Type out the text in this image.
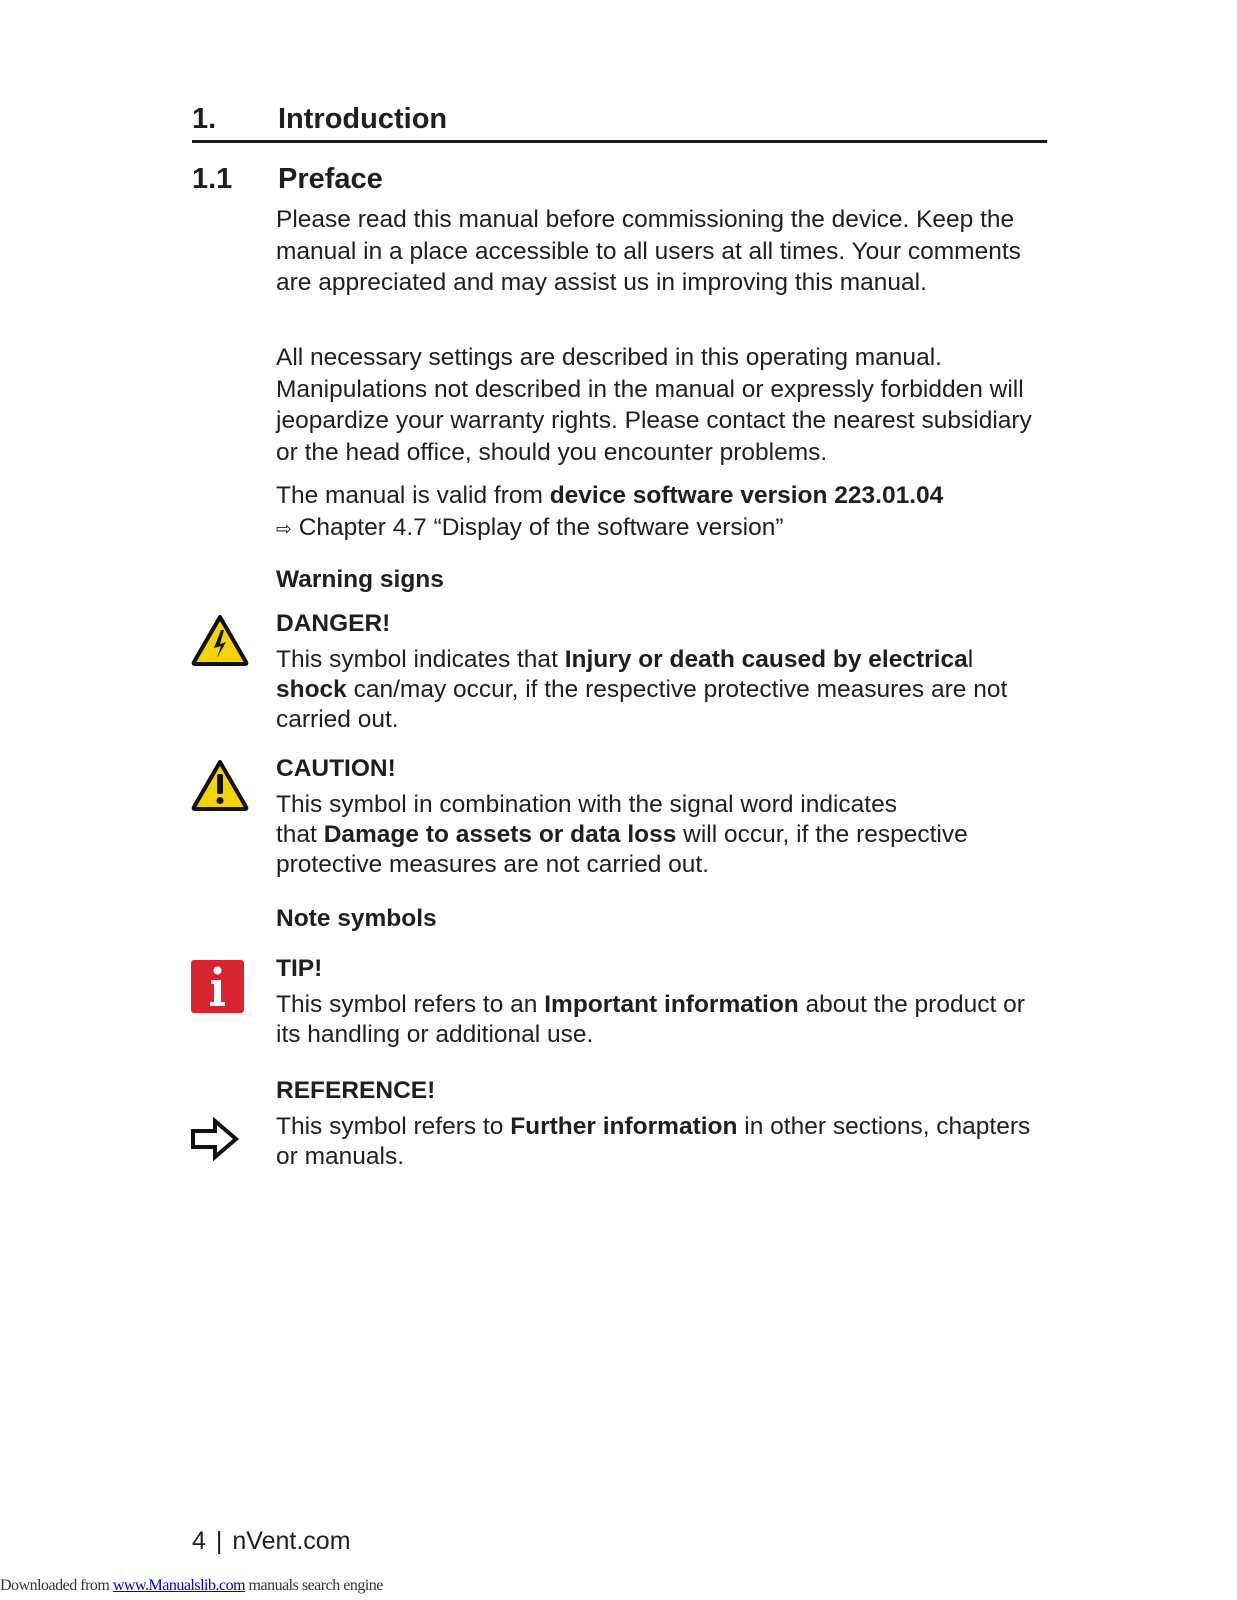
1. Introduction
1.1 Preface
Please read this manual before commissioning the device. Keep the manual in a place accessible to all users at all times. Your comments are appreciated and may assist us in improving this manual.
All necessary settings are described in this operating manual. Manipulations not described in the manual or expressly forbidden will jeopardize your warranty rights. Please contact the nearest subsidiary or the head office, should you encounter problems.
The manual is valid from device software version 223.01.04
⇨ Chapter 4.7 “Display of the software version”
Warning signs
DANGER!
This symbol indicates that Injury or death caused by electrical
shock can/may occur, if the respective protective measures are not carried out.
CAUTION!
This symbol in combination with the signal word indicates
that Damage to assets or data loss will occur, if the respective protective measures are not carried out.
Note symbols
TIP!
This symbol refers to an Important information about the product or its handling or additional use.
REFERENCE!
This symbol refers to Further information in other sections, chapters or manuals.
4 | nVent.com
Downloaded from www.Manualslib.com manuals search engine
